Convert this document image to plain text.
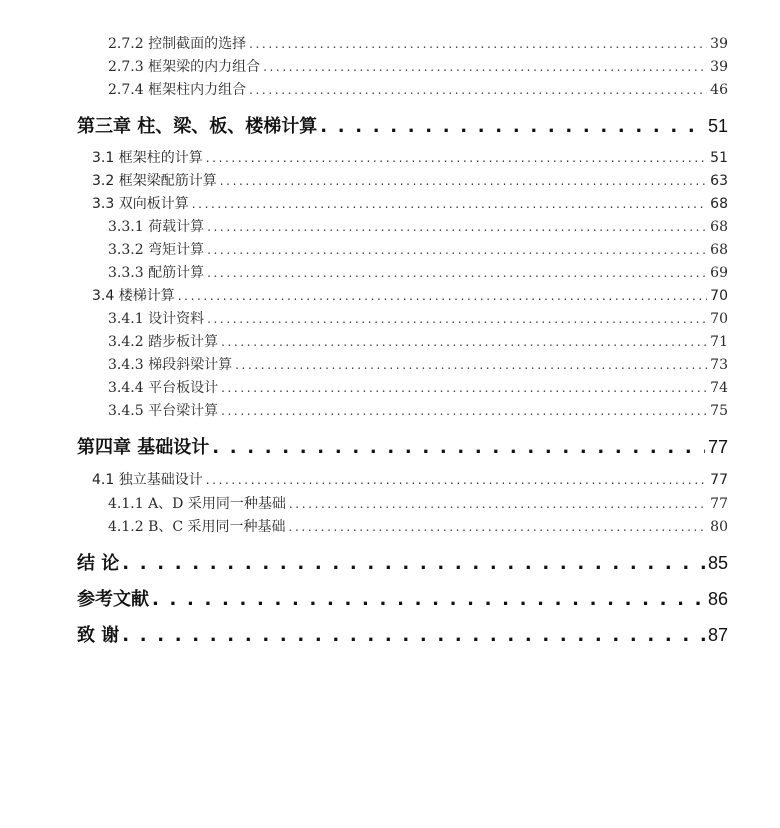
2.7.2 控制截面的选择 . . .	39
2.7.3 框架梁的内力组合 . . .	39
2.7.4 框架柱内力组合 . . .	46
第三章 柱、梁、板、楼梯计算 . . .	51
3.1 框架柱的计算 . . .	51
3.2 框架梁配筋计算 . . .	63
3.3 双向板计算 . . .	68
3.3.1 荷载计算 . . .	68
3.3.2 弯矩计算 . . .	68
3.3.3 配筋计算 . . .	69
3.4 楼梯计算 . . .	70
3.4.1 设计资料 . . .	70
3.4.2 踏步板计算 . . .	71
3.4.3 梯段斜梁计算 . . .	73
3.4.4 平台板设计 . . .	74
3.4.5 平台梁计算 . . .	75
第四章 基础设计 . . .	77
4.1 独立基础设计 . . .	77
4.1.1 A、D 采用同一种基础 . . .	77
4.1.2 B、C 采用同一种基础 . . .	80
结 论 . . .	85
参考文献 . . .	86
致 谢 . . .	87
